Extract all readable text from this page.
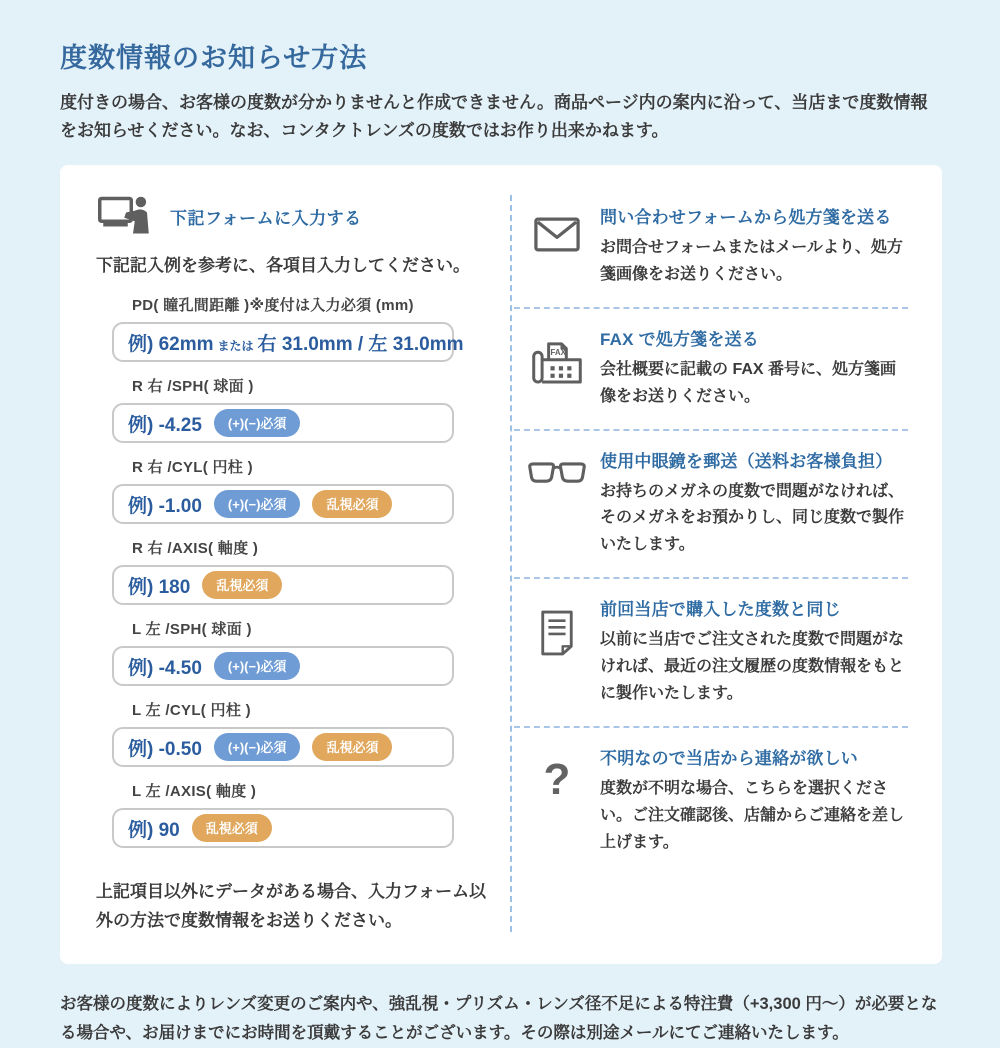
度数情報のお知らせ方法

度付きの場合、お客様の度数が分かりませんと作成できません。商品ページ内の案内に沿って、当店まで度数情報をお知らせください。なお、コンタクトレンズの度数ではお作り出来かねます。

下記フォームに入力する

下記記入例を参考に、各項目入力してください。

PD( 瞳孔間距離 )※度付は入力必須 (mm)
例) 62mm または 右 31.0mm / 左 31.0mm
R 右 /SPH( 球面 )
例) -4.25	(+)(−)必須
R 右 /CYL( 円柱 )
例) -1.00	(+)(−)必須	乱視必須
R 右 /AXIS( 軸度 )
例) 180	乱視必須
L 左 /SPH( 球面 )
例) -4.50	(+)(−)必須
L 左 /CYL( 円柱 )
例) -0.50	(+)(−)必須	乱視必須
L 左 /AXIS( 軸度 )
例) 90	乱視必須

上記項目以外にデータがある場合、入力フォーム以外の方法で度数情報をお送りください。

問い合わせフォームから処方箋を送る

お問合せフォームまたはメールより、処方箋画像をお送りください。

FAX

FAX で処方箋を送る

会社概要に記載の FAX 番号に、処方箋画像をお送りください。

使用中眼鏡を郵送（送料お客様負担）

お持ちのメガネの度数で問題がなければ、そのメガネをお預かりし、同じ度数で製作いたします。

前回当店で購入した度数と同じ

以前に当店でご注文された度数で問題がなければ、最近の注文履歴の度数情報をもとに製作いたします。

? 不明なので当店から連絡が欲しい

度数が不明な場合、こちらを選択ください。ご注文確認後、店舗からご連絡を差し上げます。

お客様の度数によりレンズ変更のご案内や、強乱視・プリズム・レンズ径不足による特注費（+3,300 円〜）が必要となる場合や、お届けまでにお時間を頂戴することがございます。その際は別途メールにてご連絡いたします。
